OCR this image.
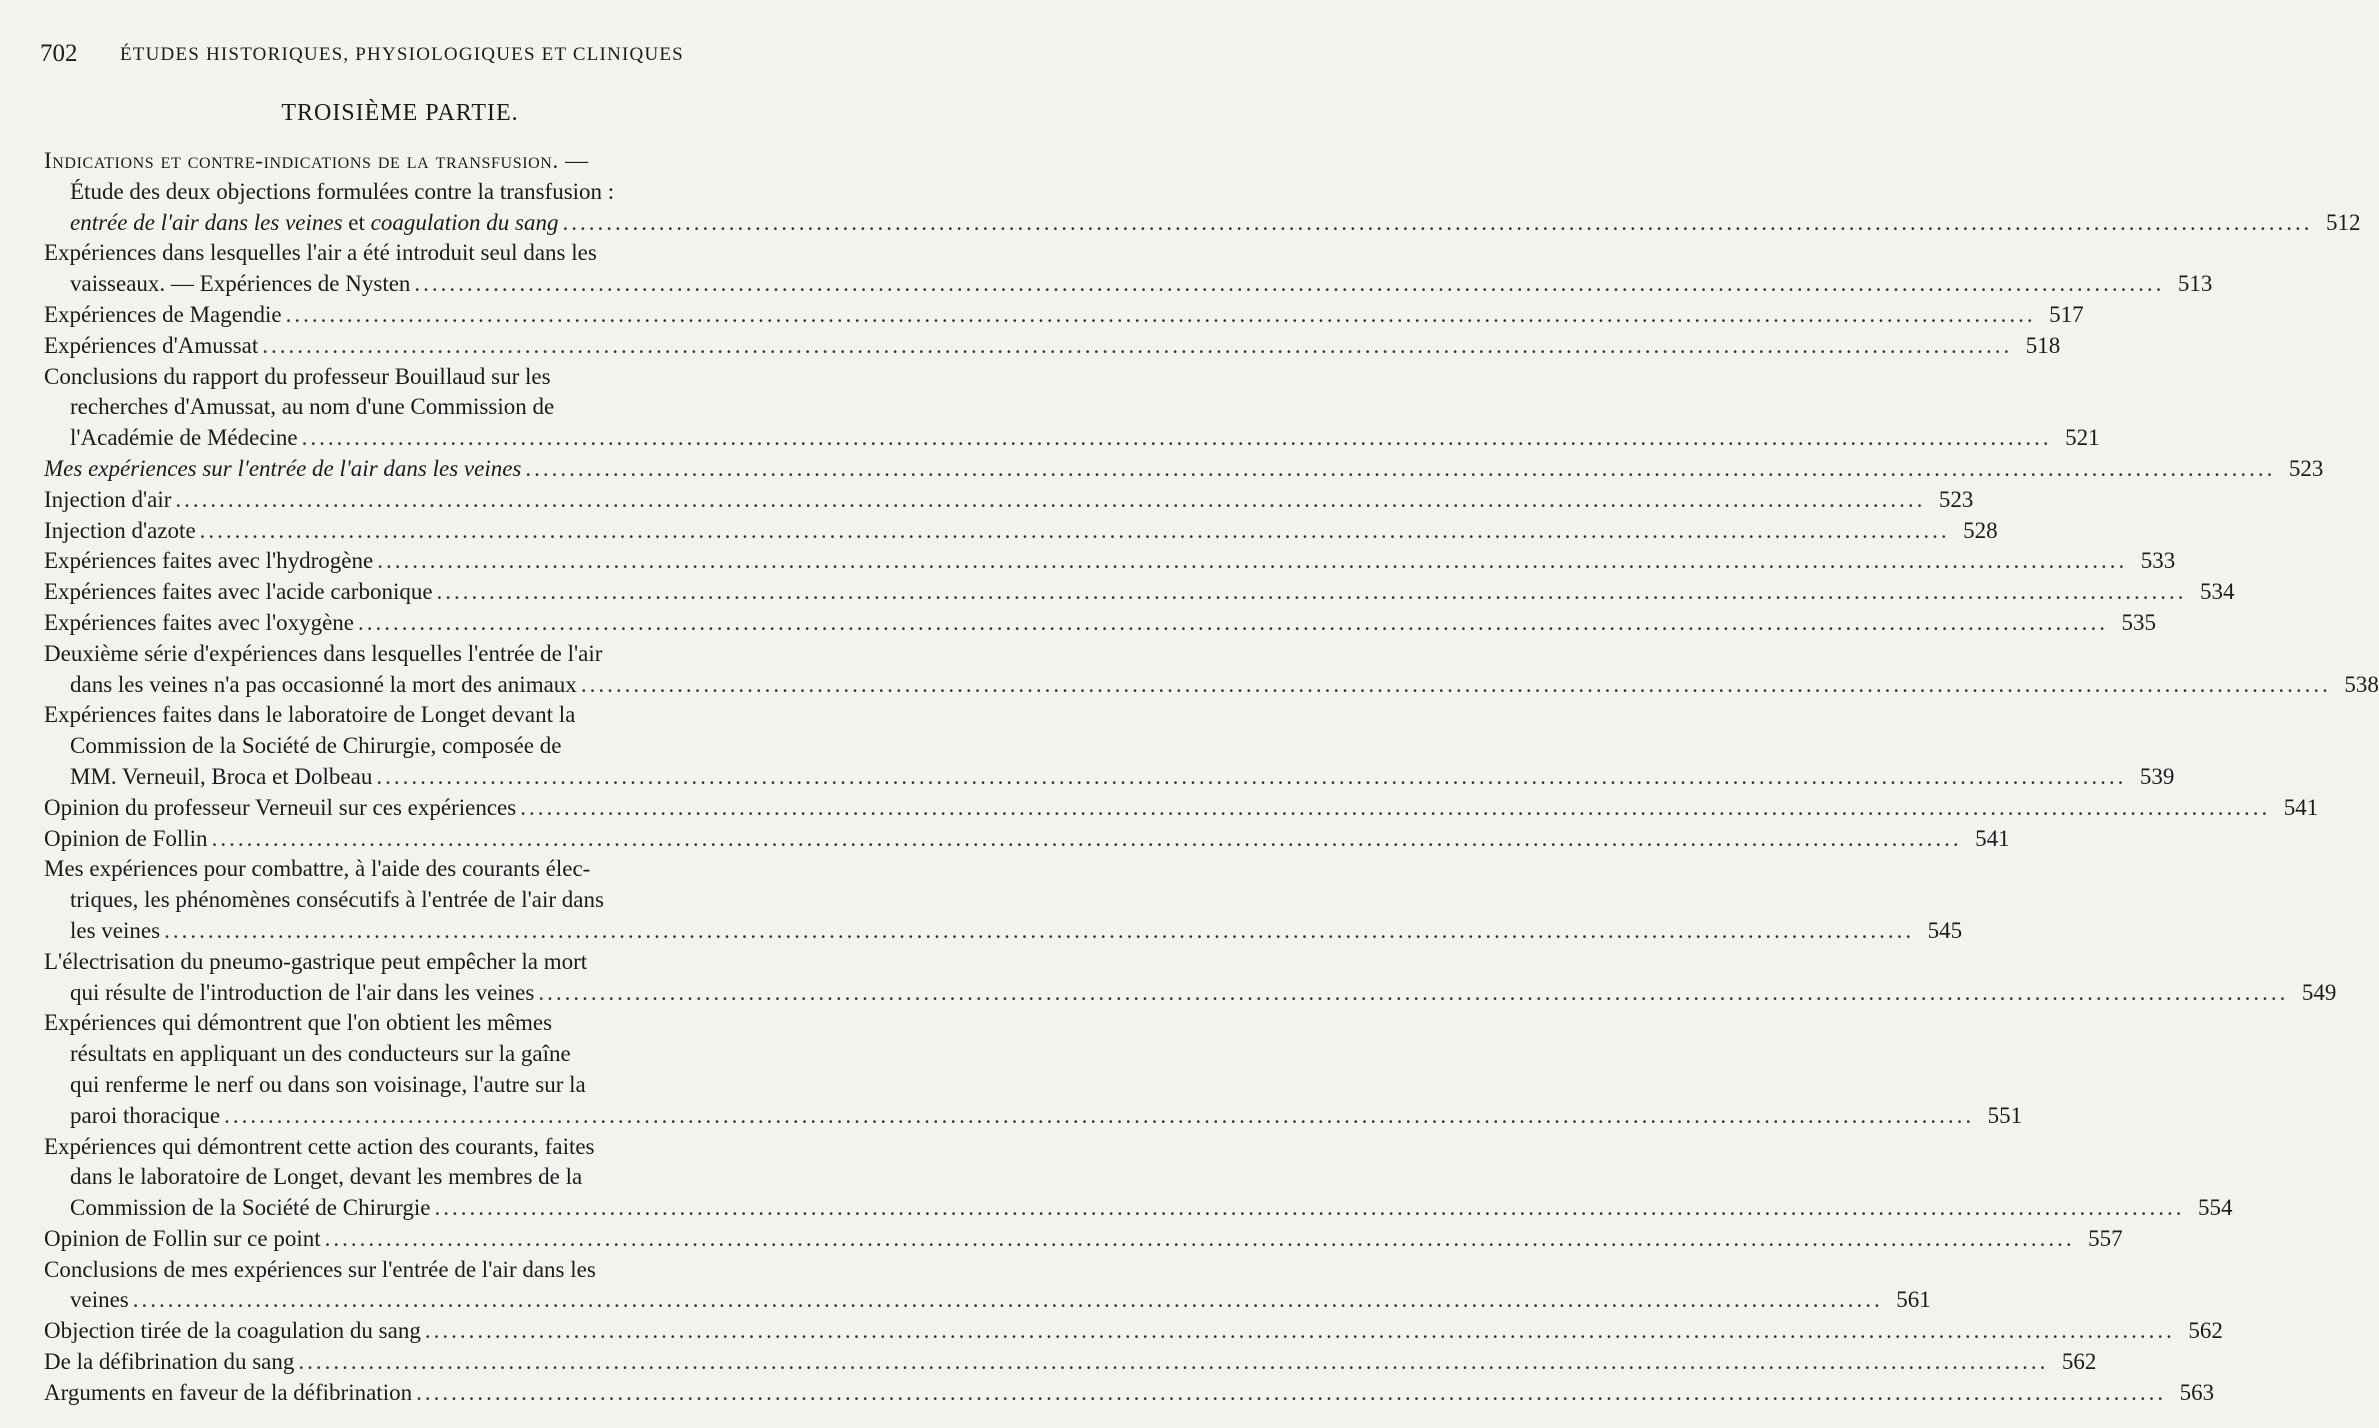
702 ÉTUDES HISTORIQUES, PHYSIOLOGIQUES ET CLINIQUES
TROISIÈME PARTIE.
Indications et contre-indications de la transfusion. —
Étude des deux objections formulées contre la transfusion :
entrée de l'air dans les veines et coagulation du sang ........................................................................................................................................................................................................ 512
Expériences dans lesquelles l'air a été introduit seul dans les
vaisseaux. — Expériences de Nysten ........................................................................................................................................................................................................ 513
Expériences de Magendie ........................................................................................................................................................................................................ 517
Expériences d'Amussat ........................................................................................................................................................................................................ 518
Conclusions du rapport du professeur Bouillaud sur les
recherches d'Amussat, au nom d'une Commission de
l'Académie de Médecine ........................................................................................................................................................................................................ 521
Mes expériences sur l'entrée de l'air dans les veines ........................................................................................................................................................................................................ 523
Injection d'air ........................................................................................................................................................................................................ 523
Injection d'azote ........................................................................................................................................................................................................ 528
Expériences faites avec l'hydrogène ........................................................................................................................................................................................................ 533
Expériences faites avec l'acide carbonique ........................................................................................................................................................................................................ 534
Expériences faites avec l'oxygène ........................................................................................................................................................................................................ 535
Deuxième série d'expériences dans lesquelles l'entrée de l'air
dans les veines n'a pas occasionné la mort des animaux ........................................................................................................................................................................................................ 538
Expériences faites dans le laboratoire de Longet devant la
Commission de la Société de Chirurgie, composée de
MM. Verneuil, Broca et Dolbeau ........................................................................................................................................................................................................ 539
Opinion du professeur Verneuil sur ces expériences ........................................................................................................................................................................................................ 541
Opinion de Follin ........................................................................................................................................................................................................ 541
Mes expériences pour combattre, à l'aide des courants élec-
triques, les phénomènes consécutifs à l'entrée de l'air dans
les veines ........................................................................................................................................................................................................ 545
L'électrisation du pneumo-gastrique peut empêcher la mort
qui résulte de l'introduction de l'air dans les veines ........................................................................................................................................................................................................ 549
Expériences qui démontrent que l'on obtient les mêmes
résultats en appliquant un des conducteurs sur la gaîne
qui renferme le nerf ou dans son voisinage, l'autre sur la
paroi thoracique ........................................................................................................................................................................................................ 551
Expériences qui démontrent cette action des courants, faites
dans le laboratoire de Longet, devant les membres de la
Commission de la Société de Chirurgie ........................................................................................................................................................................................................ 554
Opinion de Follin sur ce point ........................................................................................................................................................................................................ 557
Conclusions de mes expériences sur l'entrée de l'air dans les
veines ........................................................................................................................................................................................................ 561
Objection tirée de la coagulation du sang ........................................................................................................................................................................................................ 562
De la défibrination du sang ........................................................................................................................................................................................................ 562
Arguments en faveur de la défibrination ........................................................................................................................................................................................................ 563
